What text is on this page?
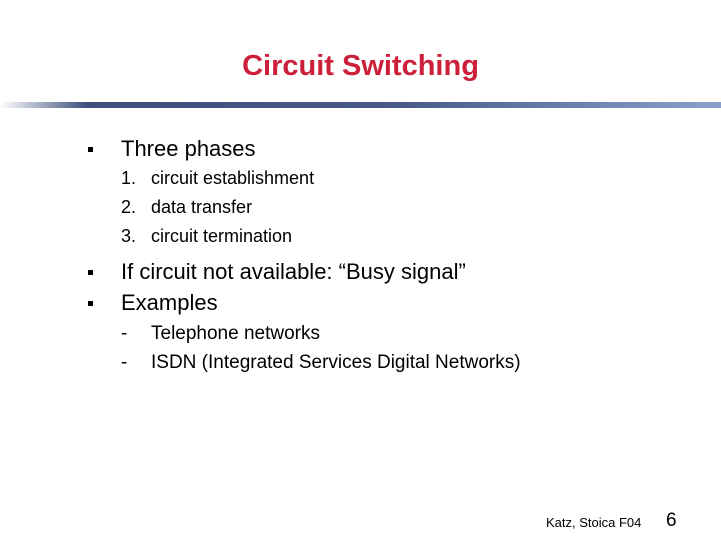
Circuit Switching
Three phases
1. circuit establishment
2. data transfer
3. circuit termination
If circuit not available: “Busy signal”
Examples
- Telephone networks
- ISDN (Integrated Services Digital Networks)
Katz, Stoica F04 6
